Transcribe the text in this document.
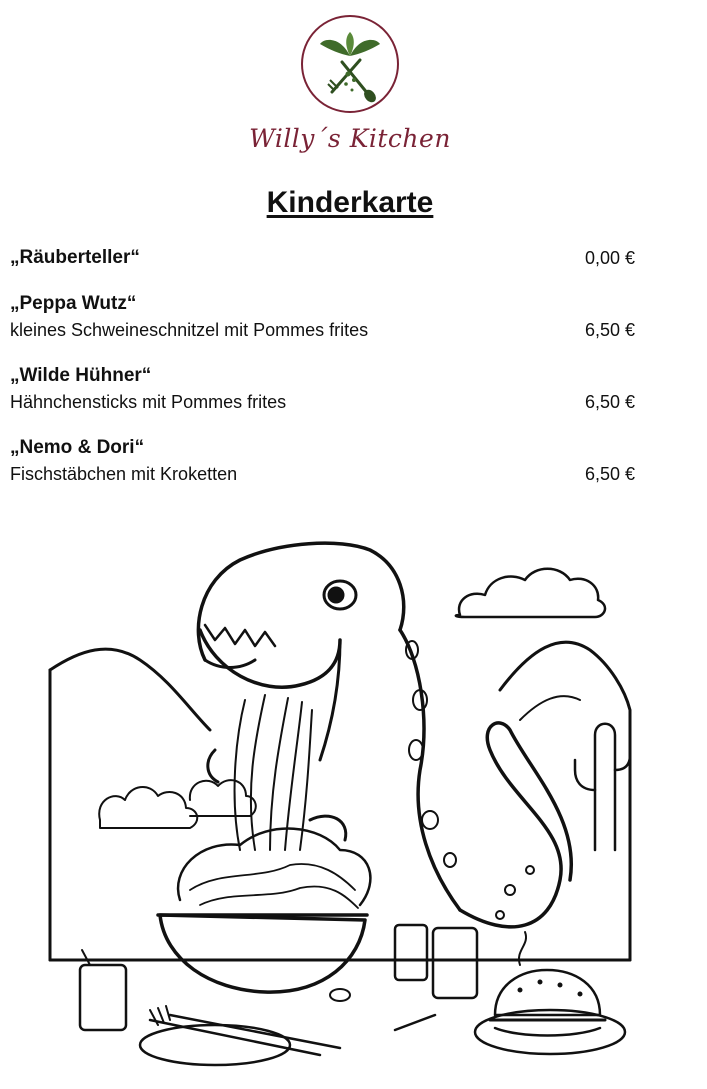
Willy´s Kitchen
Kinderkarte
„Räuberteller“	0,00 €
„Peppa Wutz“
kleines Schweineschnitzel mit Pommes frites	6,50 €
„Wilde Hühner“
Hähnchensticks mit Pommes frites	6,50 €
„Nemo & Dori“
Fischstäbchen mit Kroketten	6,50 €
